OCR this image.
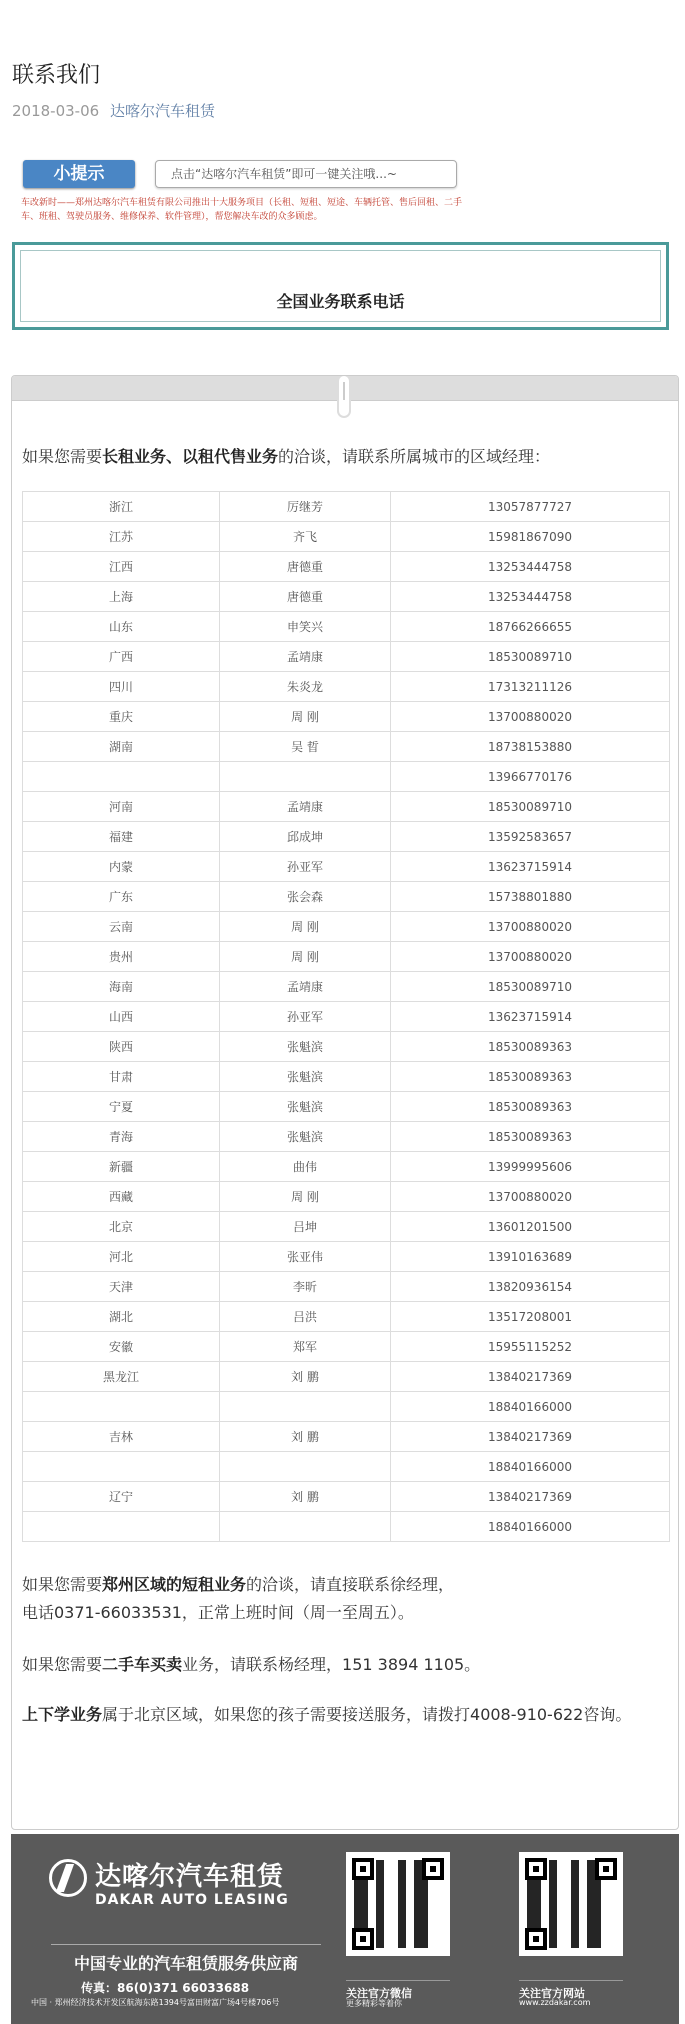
联系我们
2018-03-06 达喀尔汽车租赁
小提示	点击“达喀尔汽车租赁”即可一键关注哦...~
车改新时——郑州达喀尔汽车租赁有限公司推出十大服务项目（长租、短租、短途、车辆托管、售后回租、二手车、班租、驾驶员服务、维修保养、软件管理），帮您解决车改的众多顾虑。
全国业务联系电话
如果您需要长租业务、以租代售业务的洽谈，请联系所属城市的区域经理：
浙江	厉继芳	13057877727
江苏	齐飞	15981867090
江西	唐德重	13253444758
上海	唐德重	13253444758
山东	申笑兴	18766266655
广西	孟靖康	18530089710
四川	朱炎龙	17313211126
重庆	周 刚	13700880020
湖南	吴 晢	18738153880
		13966770176
河南	孟靖康	18530089710
福建	邱成坤	13592583657
内蒙	孙亚军	13623715914
广东	张会森	15738801880
云南	周 刚	13700880020
贵州	周 刚	13700880020
海南	孟靖康	18530089710
山西	孙亚军	13623715914
陕西	张魁滨	18530089363
甘肃	张魁滨	18530089363
宁夏	张魁滨	18530089363
青海	张魁滨	18530089363
新疆	曲伟	13999995606
西藏	周 刚	13700880020
北京	吕坤	13601201500
河北	张亚伟	13910163689
天津	李昕	13820936154
湖北	吕洪	13517208001
安徽	郑军	15955115252
黑龙江	刘 鹏	13840217369
		18840166000
吉林	刘 鹏	13840217369
		18840166000
辽宁	刘 鹏	13840217369
		18840166000
如果您需要郑州区域的短租业务的洽谈，请直接联系徐经理，
电话0371-66033531，正常上班时间（周一至周五）。
如果您需要二手车买卖业务，请联系杨经理，151 3894 1105。
上下学业务属于北京区域，如果您的孩子需要接送服务，请拨打4008-910-622咨询。
达喀尔汽车租赁
DAKAR AUTO LEASING
中国专业的汽车租赁服务供应商
传真：86(0)371 66033688
中国 · 郑州经济技术开发区航海东路1394号富田财富广场4号楼706号
关注官方微信
更多精彩等着你
关注官方网站
www.zzdakar.com
